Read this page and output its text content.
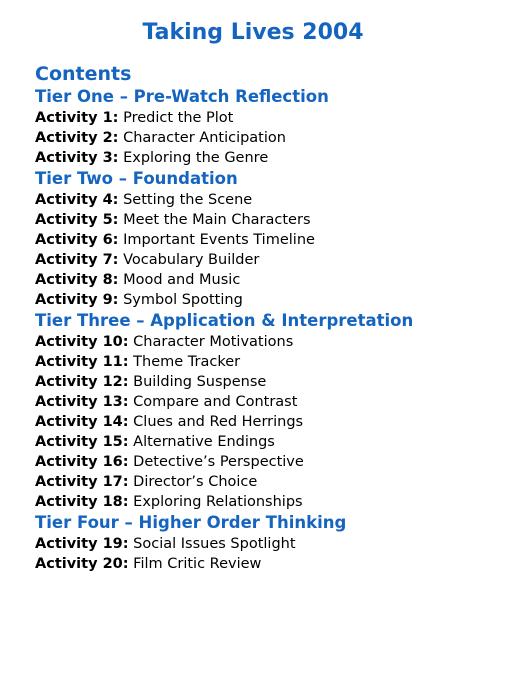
Taking Lives 2004
Contents
Tier One – Pre-Watch Reflection
Activity 1: Predict the Plot
Activity 2: Character Anticipation
Activity 3: Exploring the Genre
Tier Two – Foundation
Activity 4: Setting the Scene
Activity 5: Meet the Main Characters
Activity 6: Important Events Timeline
Activity 7: Vocabulary Builder
Activity 8: Mood and Music
Activity 9: Symbol Spotting
Tier Three – Application & Interpretation
Activity 10: Character Motivations
Activity 11: Theme Tracker
Activity 12: Building Suspense
Activity 13: Compare and Contrast
Activity 14: Clues and Red Herrings
Activity 15: Alternative Endings
Activity 16: Detective’s Perspective
Activity 17: Director’s Choice
Activity 18: Exploring Relationships
Tier Four – Higher Order Thinking
Activity 19: Social Issues Spotlight
Activity 20: Film Critic Review
